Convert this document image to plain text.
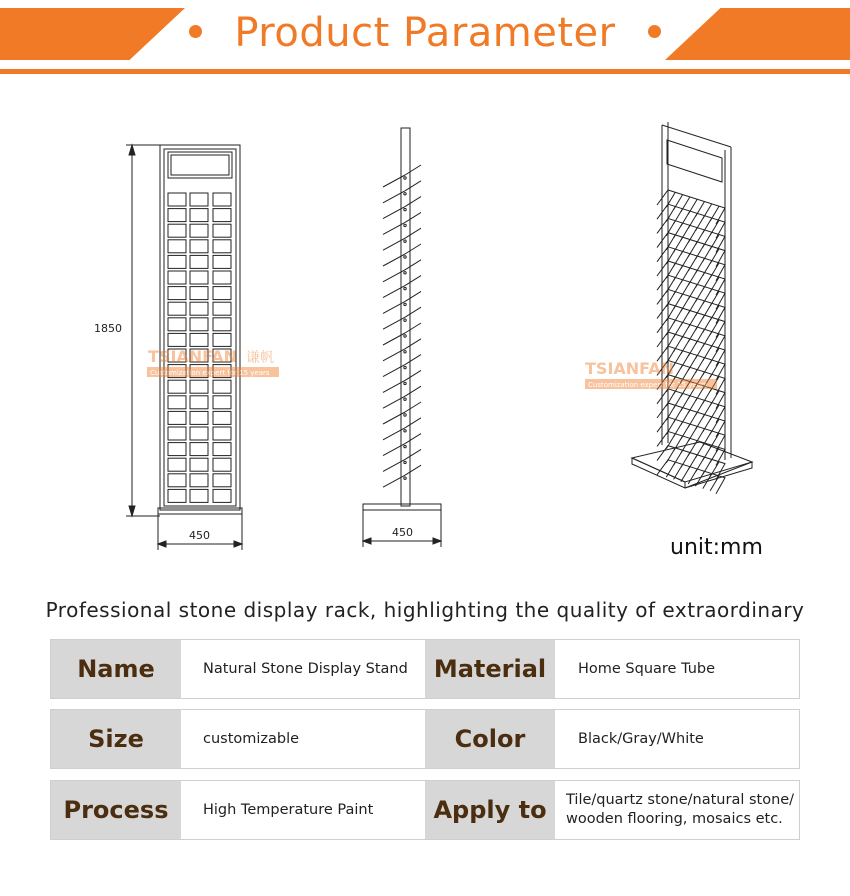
Product Parameter
1850
450	450
TSIANFAN 谦帆
Customization expert for 15 years	TSIANFAN
Customization expert for 15 years
unit:mm
Professional stone display rack, highlighting the quality of extraordinary
Name	Natural Stone Display Stand	Material	Home Square Tube
Size	customizable	Color	Black/Gray/White
Process	High Temperature Paint	Apply to	Tile/quartz stone/natural stone/ wooden flooring, mosaics etc.
